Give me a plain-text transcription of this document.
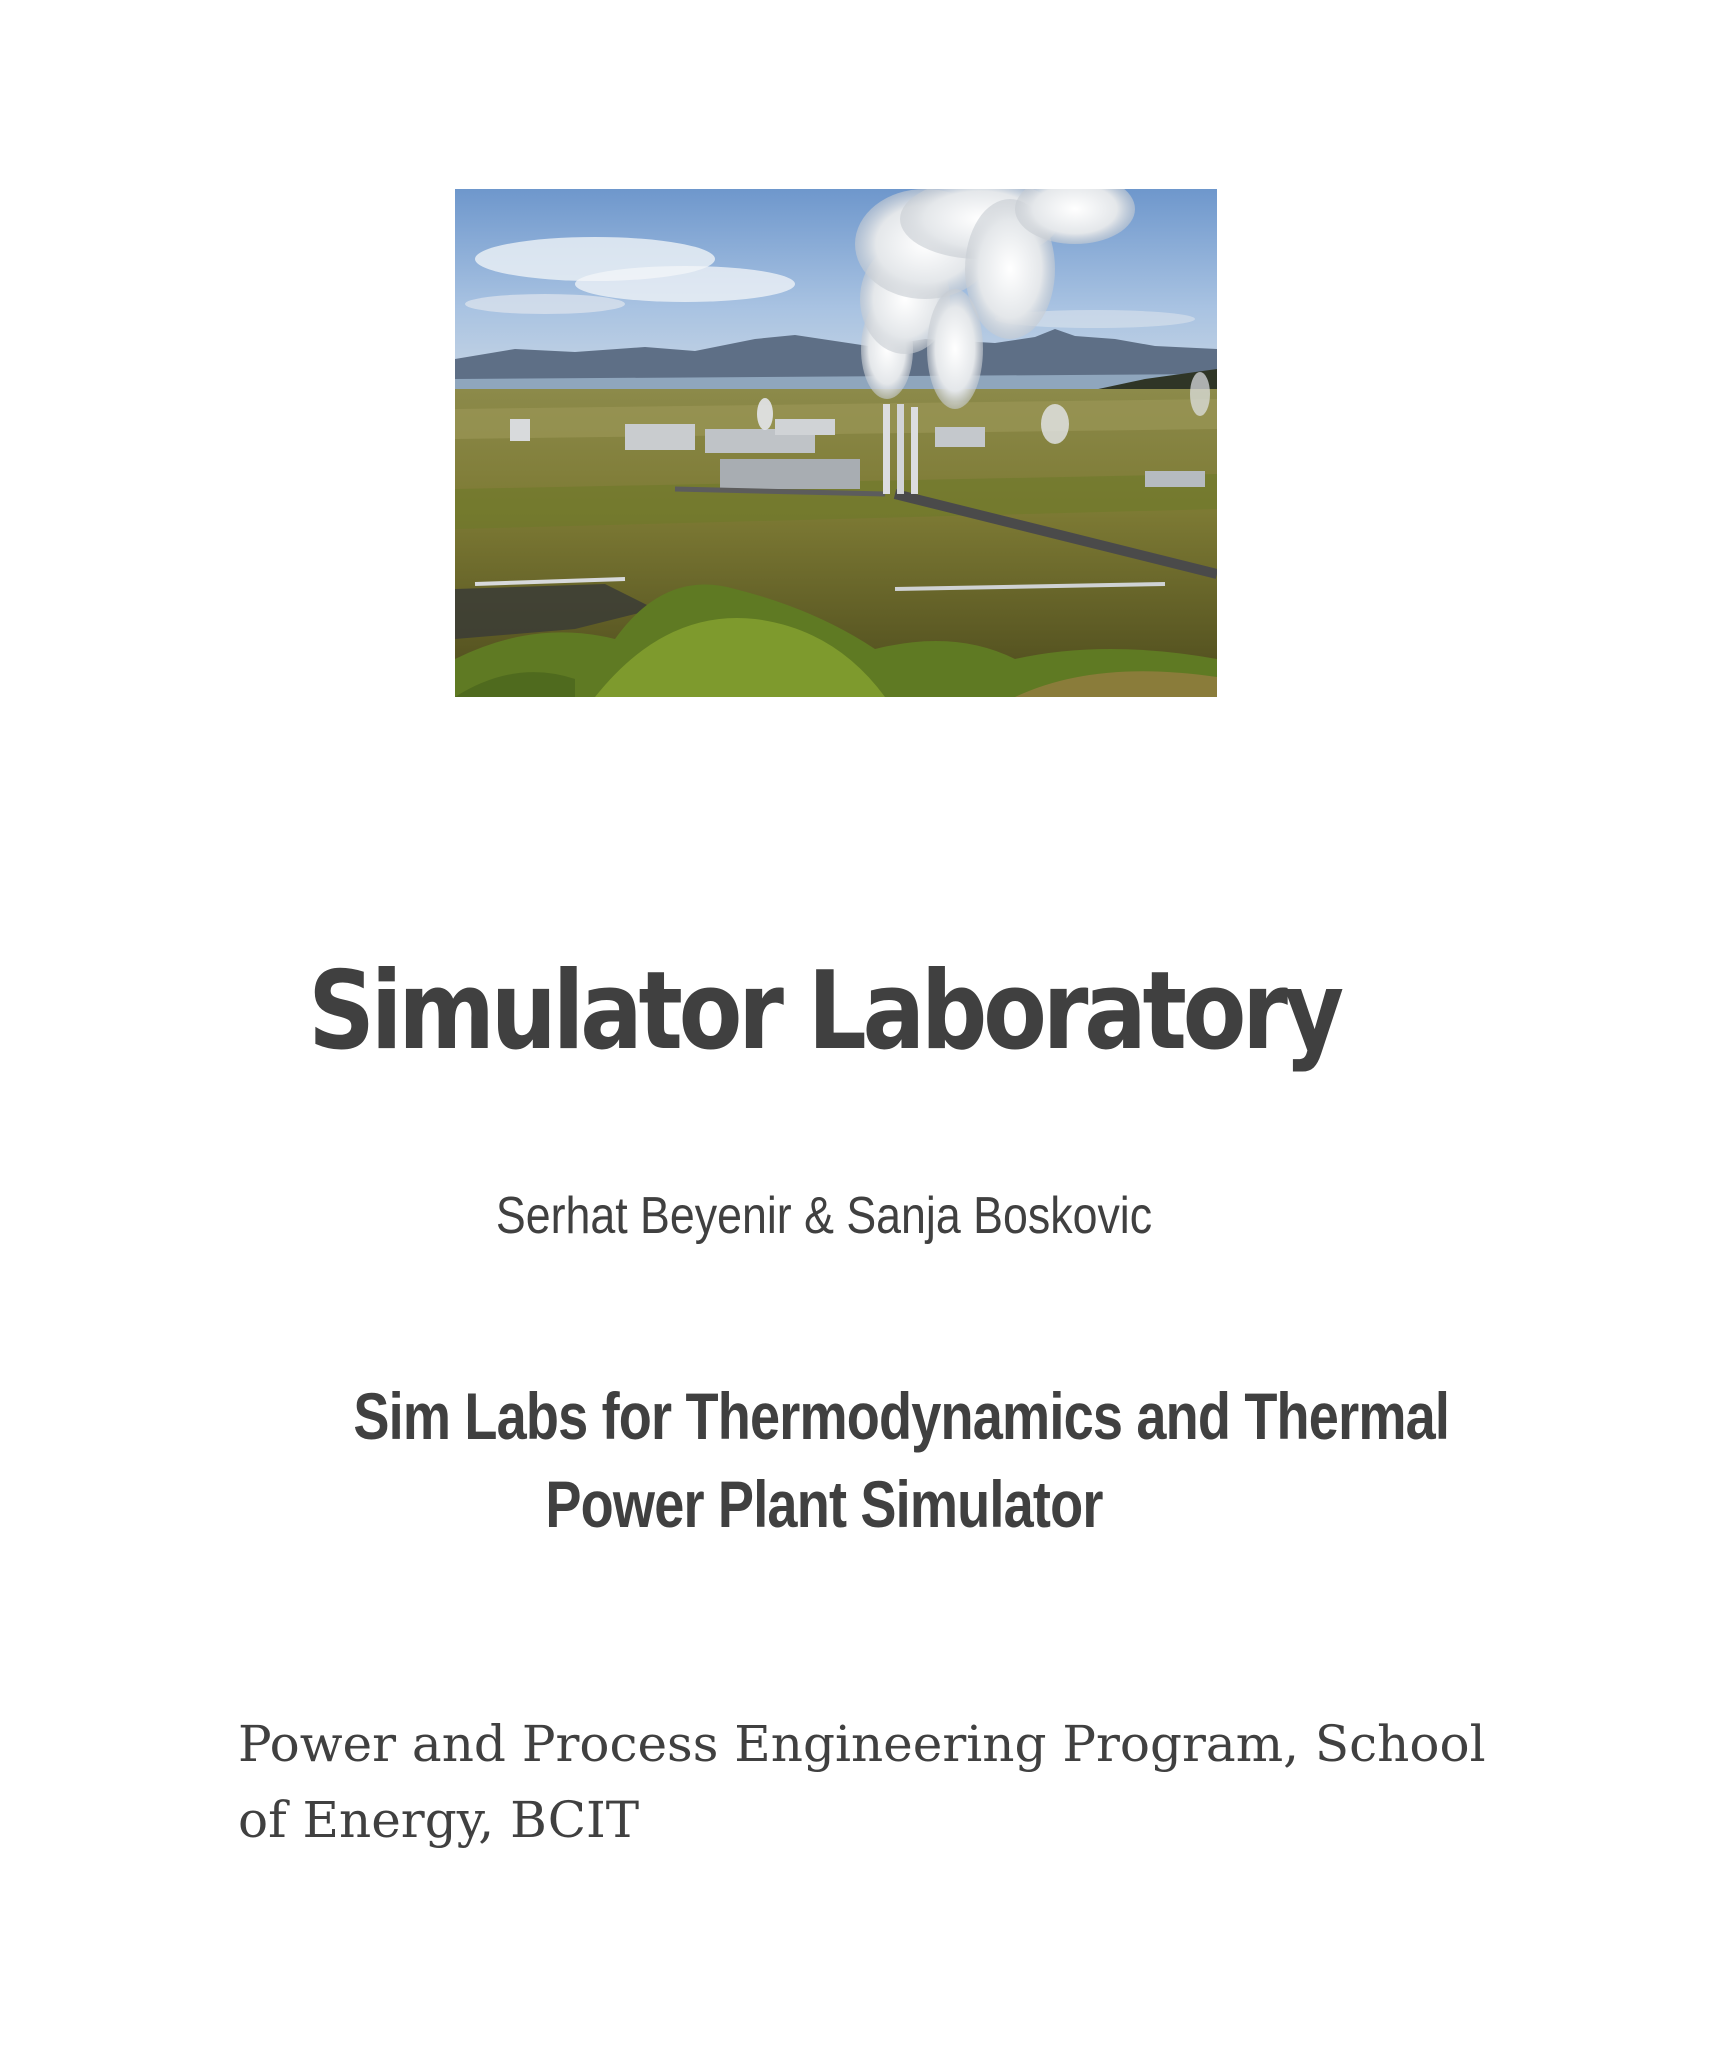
Simulator Laboratory

Serhat Beyenir & Sanja Boskovic

Sim Labs for Thermodynamics and Thermal
Power Plant Simulator

Power and Process Engineering Program, School
of Energy, BCIT
